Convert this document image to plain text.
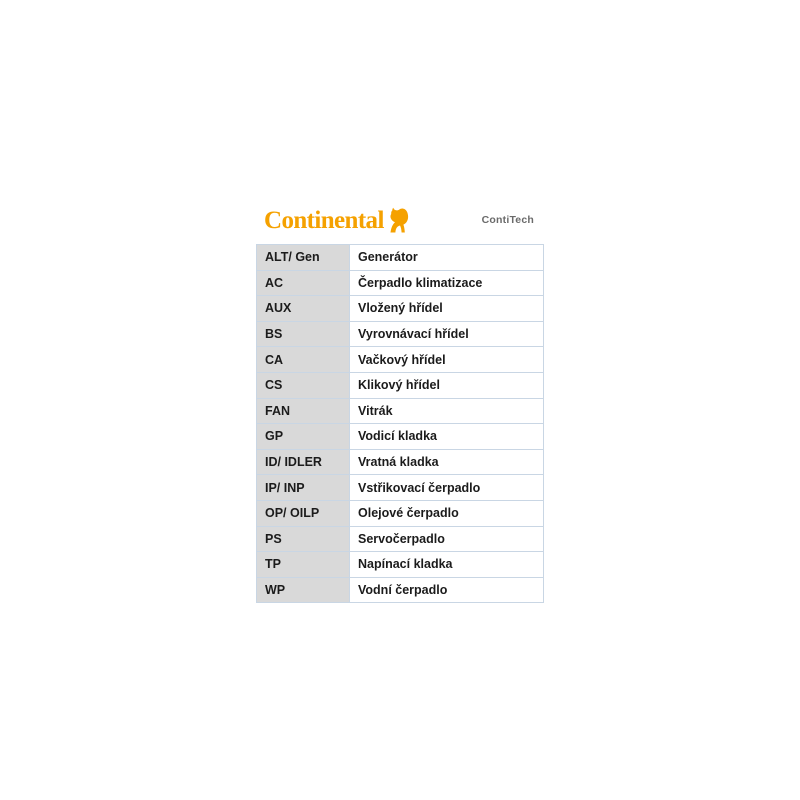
Continental	ContiTech
ALT/ Gen	Generátor
AC	Čerpadlo klimatizace
AUX	Vložený hřídel
BS	Vyrovnávací hřídel
CA	Vačkový hřídel
CS	Klikový hřídel
FAN	Vitrák
GP	Vodicí kladka
ID/ IDLER	Vratná kladka
IP/ INP	Vstřikovací čerpadlo
OP/ OILP	Olejové čerpadlo
PS	Servočerpadlo
TP	Napínací kladka
WP	Vodní čerpadlo
